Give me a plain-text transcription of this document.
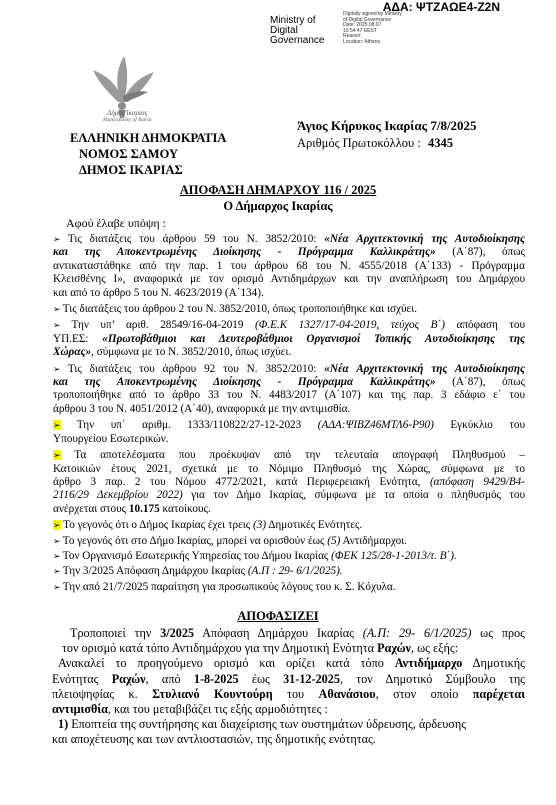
ΑΔΑ: ΨΤΖΑΩΕ4-Z2N
Ministry of
Digital
Governance
Digitally signed by Ministry
of Digital Governance
Date: 2025.08.07
10:54:47 EEST
Reason:
Location: Athens
Δήμος Ικαρίας
Municipality of Ikaria
ΕΛΛΗΝΙΚΗ ΔΗΜΟΚΡΑΤΙΑ
ΝΟΜΟΣ ΣΑΜΟΥ
ΔΗΜΟΣ ΙΚΑΡΙΑΣ
Άγιος Κήρυκος Ικαρίας 7/8/2025
Αριθμός Πρωτοκόλλου : 4345
ΑΠΟΦΑΣΗ ΔΗΜΑΡΧΟΥ 116 / 2025
Ο Δήμαρχος Ικαρίας
Αφού έλαβε υπόψη :
➢ Τις διατάξεις του άρθρου 59 του Ν. 3852/2010: «Νέα Αρχιτεκτονική της Αυτοδιοίκησης
και της Αποκεντρωμένης Διοίκησης - Πρόγραμμα Καλλικράτης» (Α΄87), όπως
αντικαταστάθηκε από την παρ. 1 του άρθρου 68 του Ν. 4555/2018 (Α΄133) - Πρόγραμμα
Κλεισθένης Ι», αναφορικά με τον ορισμό Αντιδημάρχων και την αναπλήρωση του Δημάρχου
και από το άρθρο 5 του Ν. 4623/2019 (Α΄134).
➢ Τις διατάξεις του άρθρου 2 του Ν. 3852/2010, όπως τροποποιήθηκε και ισχύει.
➢ Την υπ’ αριθ. 28549/16-04-2019 (Φ.Ε.Κ 1327/17-04-2019, τεύχος Β΄) απόφαση του
ΥΠ.ΕΣ: «Πρωτοβάθμιοι και Δευτεροβάθμιοι Οργανισμοί Τοπικής Αυτοδιοίκησης της
Χώρας», σύμφωνα με το Ν. 3852/2010, όπως ισχύει.
➢ Τις διατάξεις του άρθρου 92 του Ν. 3852/2010: «Νέα Αρχιτεκτονική της Αυτοδιοίκησης
και της Αποκεντρωμένης Διοίκησης - Πρόγραμμα Καλλικράτης» (Α΄87), όπως
τροποποιήθηκε από το άρθρο 33 του Ν. 4483/2017 (Α΄107) και της παρ. 3 εδάφιο ε΄ του
άρθρου 3 του Ν. 4051/2012 (Α΄40), αναφορικά με την αντιμισθία.
➢ Την υπ΄ αριθμ. 1333/110822/27-12-2023 (ΑΔΑ:ΨΙΒΖ46ΜΤΛ6-Ρ90) Εγκύκλιο του
Υπουργείου Εσωτερικών.
➢ Τα αποτελέσματα που προέκυψαν από την τελευταία απογραφή Πληθυσμού –
Κατοικιών έτους 2021, σχετικά με το Νόμιμο Πληθυσμό της Χώρας, σύμφωνα με το
άρθρο 3 παρ. 2 του Νόμου 4772/2021, κατά Περιφερειακή Ενότητα, (απόφαση 9429/Β4-
2116/29 Δεκεμβρίου 2022) για τον Δήμο Ικαρίας, σύμφωνα με τα οποία ο πληθυσμός του
ανέρχεται στους 10.175 κατοίκους.
➢ Το γεγονός ότι ο Δήμος Ικαρίας έχει τρεις (3) Δημοτικές Ενότητες.
➢ Το γεγονός ότι στο Δήμο Ικαρίας, μπορεί να ορισθούν έως (5) Αντιδήμαρχοι.
➢ Τον Οργανισμό Εσωτερικής Υπηρεσίας του Δήμου Ικαρίας (ΦΕΚ 125/28-1-2013/τ. Β΄).
➢ Την 3/2025 Απόφαση Δημάρχου Ικαρίας (Α.Π : 29- 6/1/2025).
➢ Την από 21/7/2025 παραίτηση για προσωπικούς λόγους του κ. Σ. Κόχυλα.
ΑΠΟΦΑΣΙΖΕΙ
Τροποποιεί την 3/2025 Απόφαση Δημάρχου Ικαρίας (Α.Π: 29- 6/1/2025) ως προς
τον ορισμό κατά τόπο Αντιδημάρχου για την Δημοτική Ενότητα Ραχών, ως εξής:
Ανακαλεί το προηγούμενο ορισμό και ορίζει κατά τόπο Αντιδήμαρχο Δημοτικής
Ενότητας Ραχών, από 1-8-2025 έως 31-12-2025, τον Δημοτικό Σύμβουλο της
πλειοψηφίας κ. Στυλιανό Κουντούρη του Αθανάσιου, στον οποίο παρέχεται
αντιμισθία, και του μεταβιβάζει τις εξής αρμοδιότητες :
1) Εποπτεία της συντήρησης και διαχείρισης των συστημάτων ύδρευσης, άρδευσης
και αποχέτευσης και των αντλιοστασιών, της δημοτικής ενότητας.
